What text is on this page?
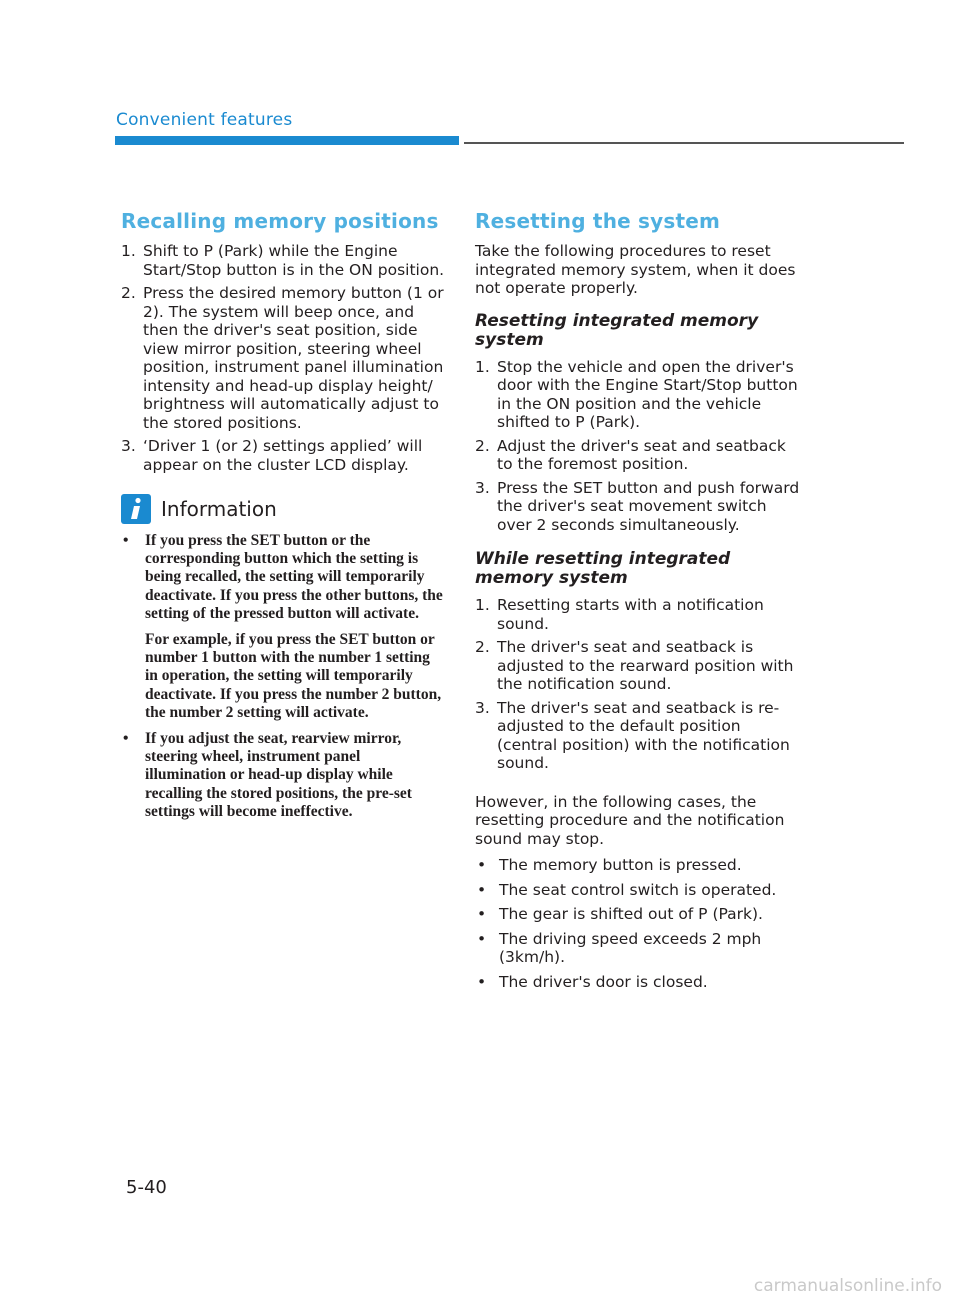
Convenient features
Recalling memory positions
1. Shift to P (Park) while the Engine Start/Stop button is in the ON position.
2. Press the desired memory button (1 or 2). The system will beep once, and then the driver's seat position, side view mirror position, steering wheel position, instrument panel illumination intensity and head-up display height/ brightness will automatically adjust to the stored positions.
3. ‘Driver 1 (or 2) settings applied’ will appear on the cluster LCD display.
Information
•	If you press the SET button or the corresponding button which the setting is being recalled, the setting will temporarily deactivate. If you press the other buttons, the setting of the pressed button will activate.

For example, if you press the SET button or number 1 button with the number 1 setting in operation, the setting will temporarily deactivate. If you press the number 2 button, the number 2 setting will activate.

•	If you adjust the seat, rearview mirror, steering wheel, instrument panel illumination or head-up display while recalling the stored positions, the pre-set settings will become ineffective.

Resetting the system

Take the following procedures to reset integrated memory system, when it does not operate properly.

Resetting integrated memory system
1. Stop the vehicle and open the driver's door with the Engine Start/Stop button in the ON position and the vehicle shifted to P (Park).
2. Adjust the driver's seat and seatback to the foremost position.
3. Press the SET button and push forward the driver's seat movement switch over 2 seconds simultaneously.
While resetting integrated memory system
1. Resetting starts with a notification sound.
2. The driver's seat and seatback is adjusted to the rearward position with the notification sound.
3. The driver's seat and seatback is re-adjusted to the default position (central position) with the notification sound.

However, in the following cases, the resetting procedure and the notification sound may stop.

• The memory button is pressed.
• The seat control switch is operated.
• The gear is shifted out of P (Park).
• The driving speed exceeds 2 mph (3km/h).
• The driver's door is closed.
5-40
carmanualsonline.info
